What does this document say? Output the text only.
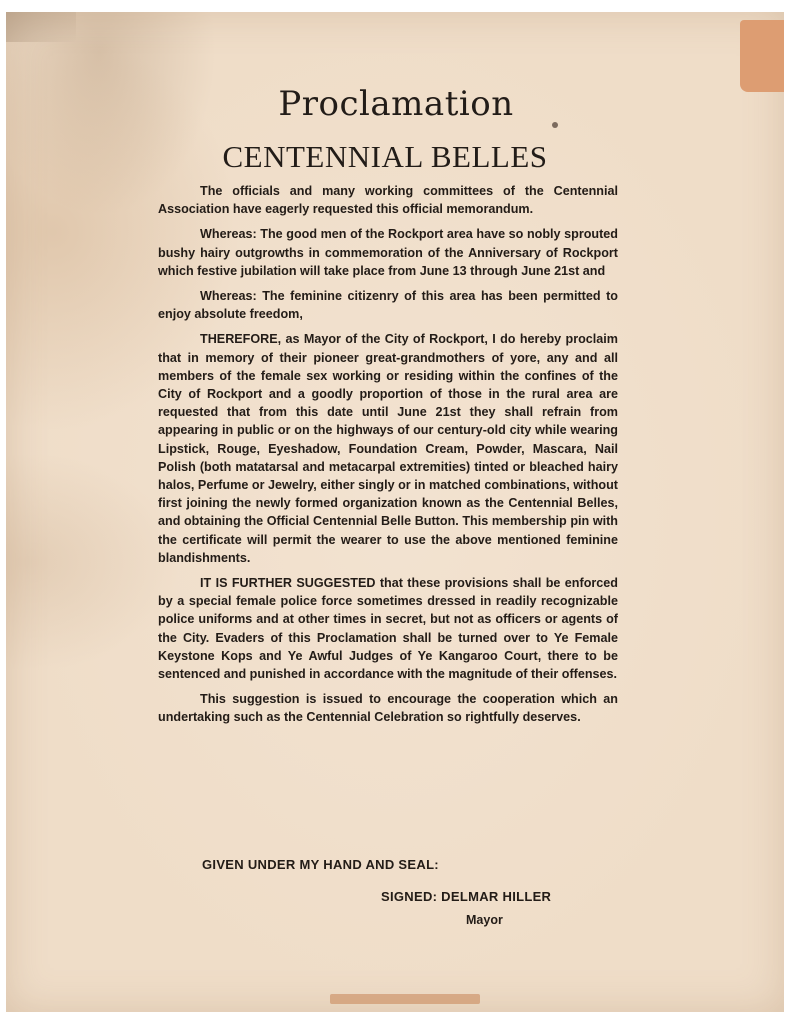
Proclamation
CENTENNIAL BELLES

The officials and many working committees of the Centennial Association have eagerly requested this official memorandum.

Whereas: The good men of the Rockport area have so nobly sprouted bushy hairy outgrowths in commemoration of the Anniversary of Rockport which festive jubilation will take place from June 13 through June 21st and

Whereas: The feminine citizenry of this area has been permitted to enjoy absolute freedom,

THEREFORE, as Mayor of the City of Rockport, I do hereby proclaim that in memory of their pioneer great-grandmothers of yore, any and all members of the female sex working or residing within the confines of the City of Rockport and a goodly proportion of those in the rural area are requested that from this date until June 21st they shall refrain from appearing in public or on the highways of our century-old city while wearing Lipstick, Rouge, Eyeshadow, Foundation Cream, Powder, Mascara, Nail Polish (both matatarsal and metacarpal extremities) tinted or bleached hairy halos, Perfume or Jewelry, either singly or in matched combinations, without first joining the newly formed organization known as the Centennial Belles, and obtaining the Official Centennial Belle Button. This membership pin with the certificate will permit the wearer to use the above mentioned feminine blandishments.

IT IS FURTHER SUGGESTED that these provisions shall be enforced by a special female police force sometimes dressed in readily recognizable police uniforms and at other times in secret, but not as officers or agents of the City. Evaders of this Proclamation shall be turned over to Ye Female Keystone Kops and Ye Awful Judges of Ye Kangaroo Court, there to be sentenced and punished in accordance with the magnitude of their offenses.

This suggestion is issued to encourage the cooperation which an undertaking such as the Centennial Celebration so rightfully deserves.

GIVEN UNDER MY HAND AND SEAL:

SIGNED: DELMAR HILLER

Mayor
